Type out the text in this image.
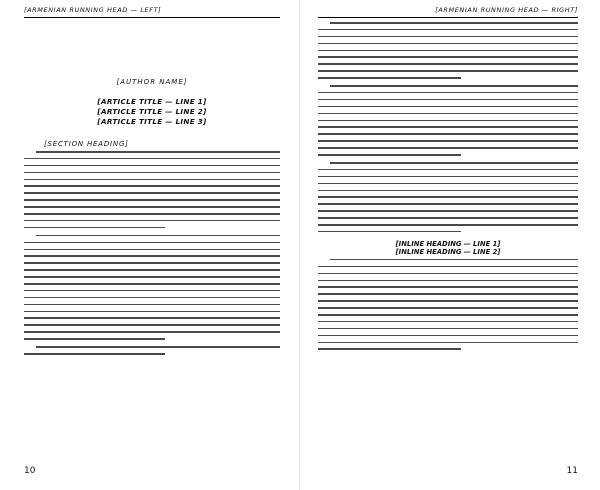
[ARMENIAN RUNNING HEAD — LEFT]
[AUTHOR NAME]
[ARTICLE TITLE — LINE 1]
[ARTICLE TITLE — LINE 2]
[ARTICLE TITLE — LINE 3]
[SECTION HEADING]
10
[ARMENIAN RUNNING HEAD — RIGHT]
[INLINE HEADING — LINE 1]
[INLINE HEADING — LINE 2]
11
